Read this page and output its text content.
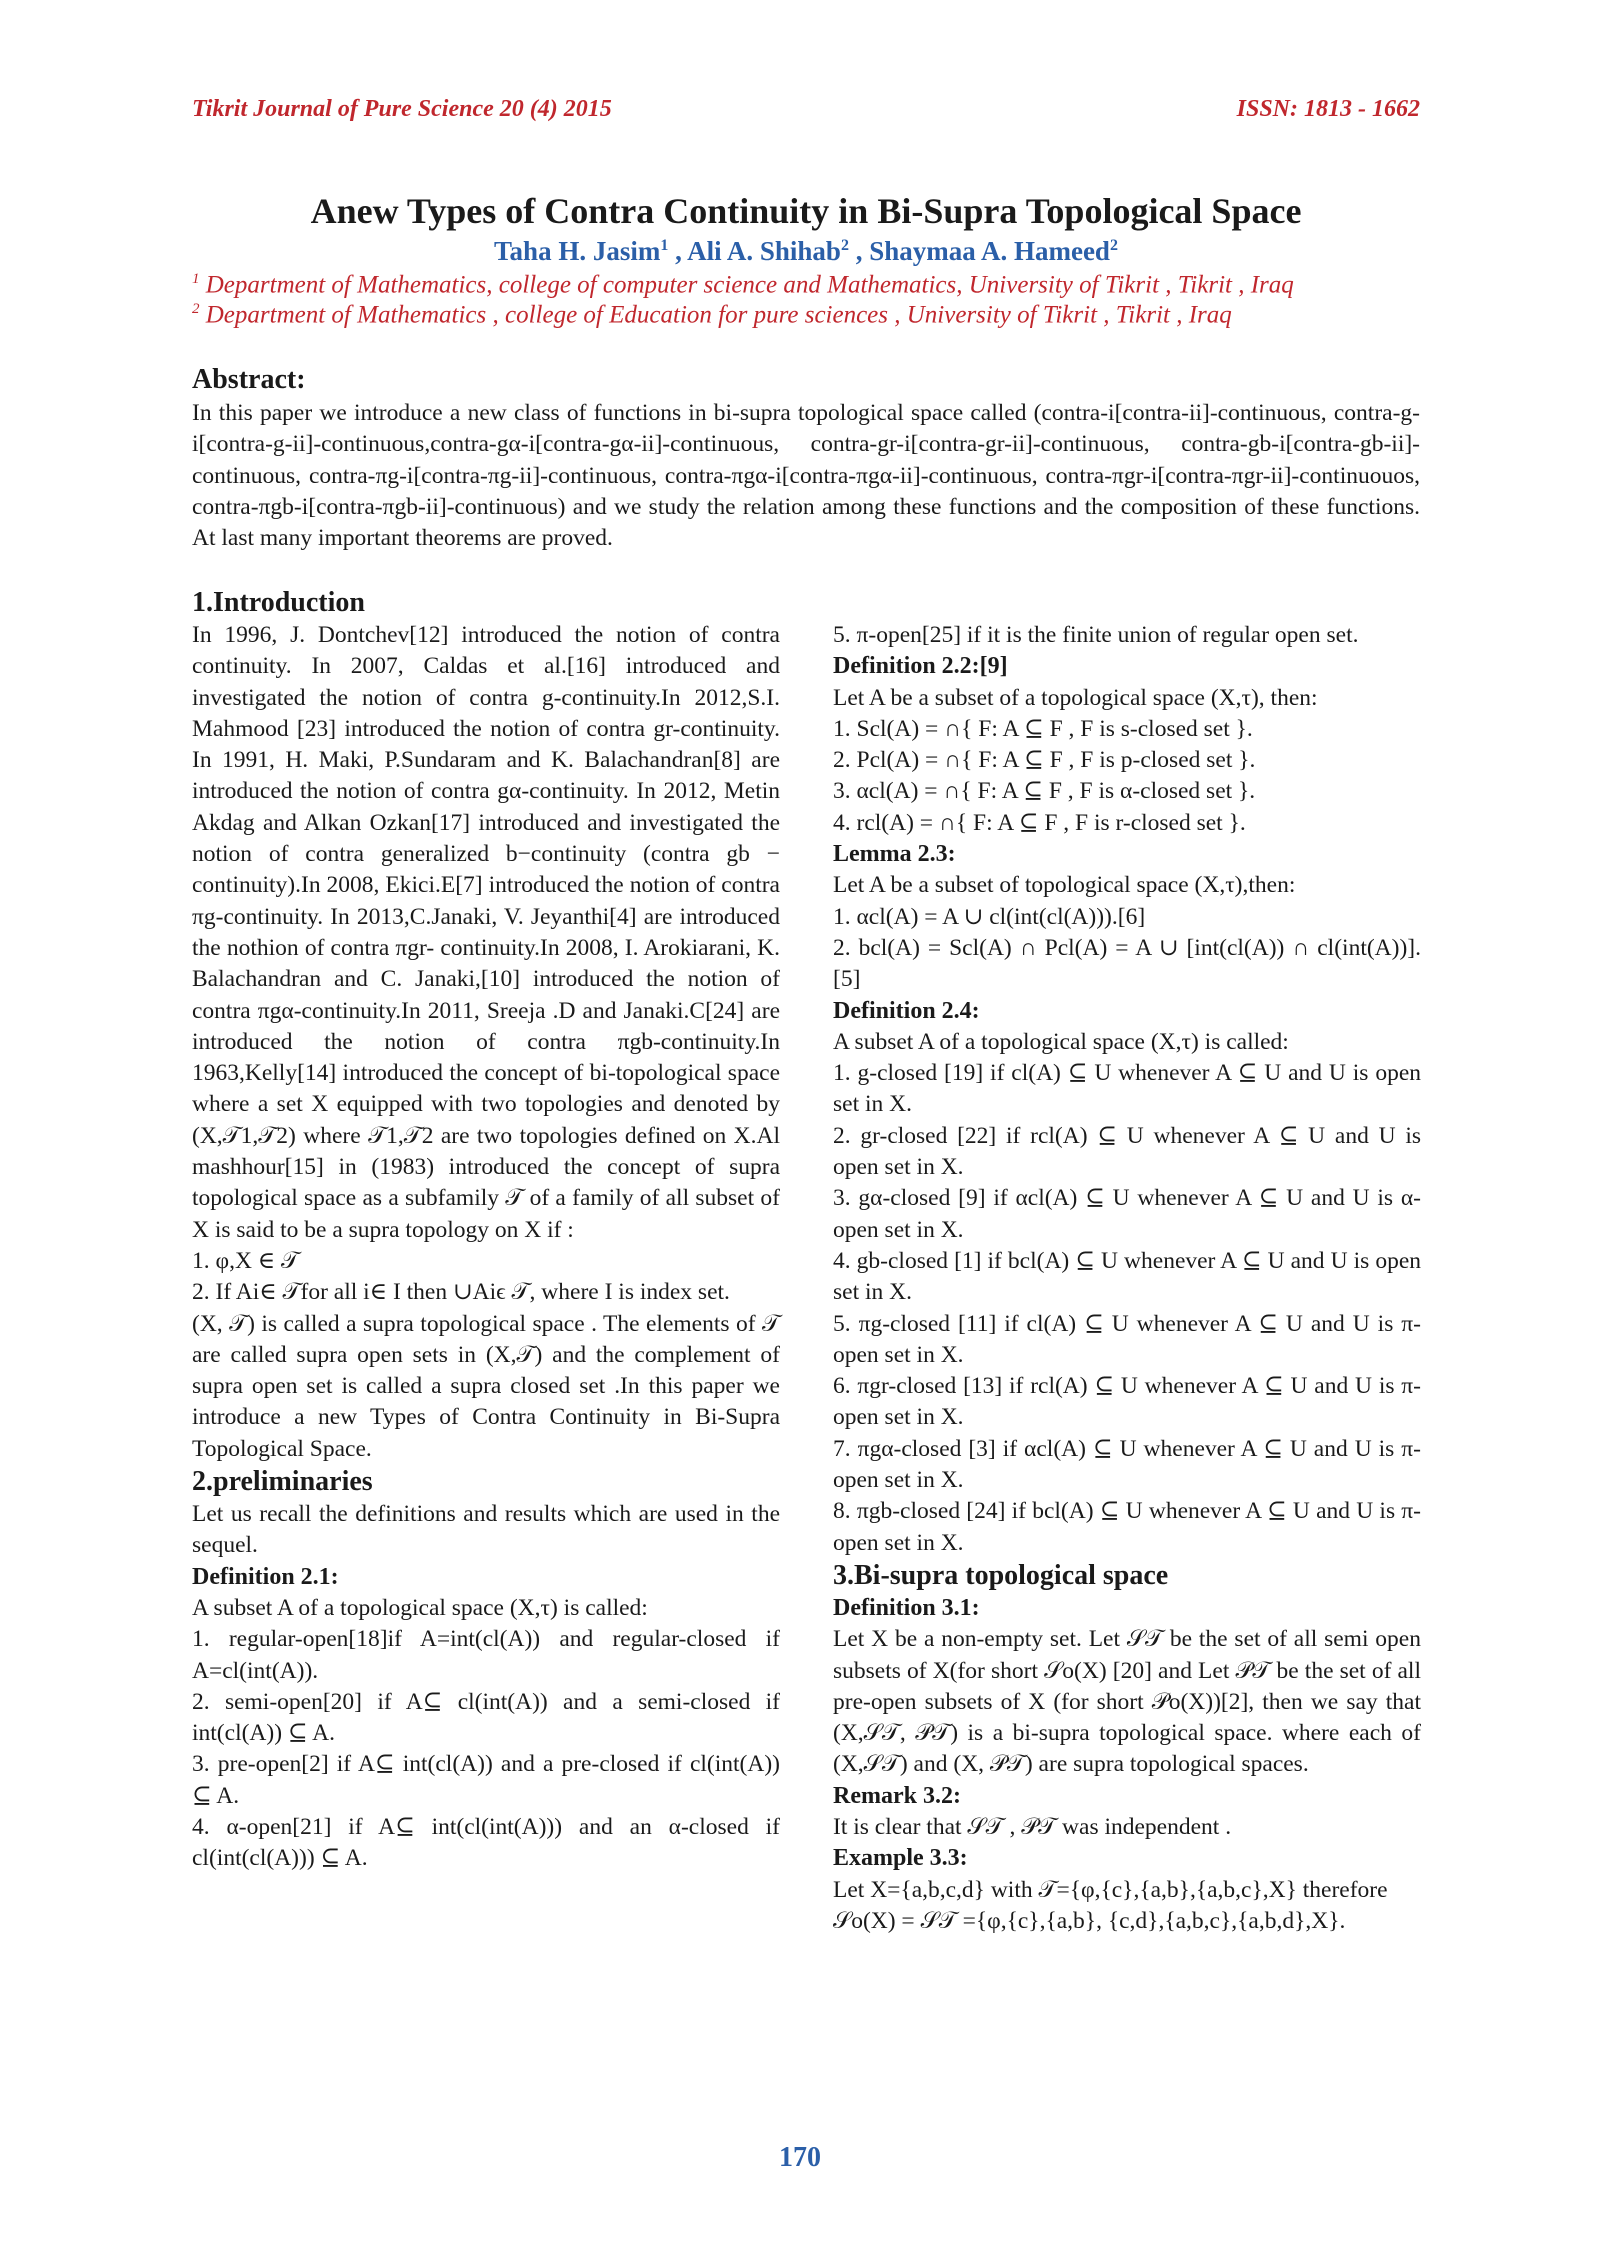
Tikrit Journal of Pure Science 20 (4) 2015	ISSN: 1813 - 1662
Anew Types of Contra Continuity in Bi-Supra Topological Space
Taha H. Jasim$^1$ , Ali A. Shihab$^2$ , Shaymaa A. Hameed$^2$
$^1$ Department of Mathematics, college of computer science and Mathematics, University of Tikrit , Tikrit , Iraq
$^2$ Department of Mathematics , college of Education for pure sciences , University of Tikrit , Tikrit , Iraq
Abstract:

In this paper we introduce a new class of functions in bi-supra topological space called (contra-i[contra-ii]-continuous, contra-g-i[contra-g-ii]-continuous,contra-gα-i[contra-gα-ii]-continuous, contra-gr-i[contra-gr-ii]-continuous, contra-gb-i[contra-gb-ii]-continuous, contra-πg-i[contra-πg-ii]-continuous, contra-πgα-i[contra-πgα-ii]-continuous, contra-πgr-i[contra-πgr-ii]-continuouos, contra-πgb-i[contra-πgb-ii]-continuous) and we study the relation among these functions and the composition of these functions. At last many important theorems are proved.

1.Introduction

In 1996, J. Dontchev[12] introduced the notion of contra continuity. In 2007, Caldas et al.[16] introduced and investigated the notion of contra g-continuity.In 2012,S.I. Mahmood [23] introduced the notion of contra gr-continuity. In 1991, H. Maki, P.Sundaram and K. Balachandran[8] are introduced the notion of contra gα-continuity. In 2012, Metin Akdag and Alkan Ozkan[17] introduced and investigated the notion of contra generalized b−continuity (contra gb − continuity).In 2008, Ekici.E[7] introduced the notion of contra πg-continuity. In 2013,C.Janaki, V. Jeyanthi[4] are introduced the nothion of contra πgr- continuity.In 2008, I. Arokiarani, K. Balachandran and C. Janaki,[10] introduced the notion of contra πgα-continuity.In 2011, Sreeja .D and Janaki.C[24] are introduced the notion of contra πgb-continuity.In 1963,Kelly[14] introduced the concept of bi-topological space where a set X equipped with two topologies and denoted by (X,𝒯1,𝒯2) where 𝒯1,𝒯2 are two topologies defined on X.Al mashhour[15] in (1983) introduced the concept of supra topological space as a subfamily 𝒯 of a family of all subset of X is said to be a supra topology on X if :

1. φ,X ∈ 𝒯

2. If Ai∈ 𝒯for all i∈ I then ∪Aiϵ 𝒯, where I is index set.

(X, 𝒯) is called a supra topological space . The elements of 𝒯 are called supra open sets in (X,𝒯) and the complement of supra open set is called a supra closed set .In this paper we introduce a new Types of Contra Continuity in Bi-Supra Topological Space.

2.preliminaries

Let us recall the definitions and results which are used in the sequel.

Definition 2.1:

A subset A of a topological space (X,τ) is called:

1. regular-open[18]if A=int(cl(A)) and regular-closed if A=cl(int(A)).

2. semi-open[20] if A⊆ cl(int(A)) and a semi-closed if int(cl(A)) ⊆ A.

3. pre-open[2] if A⊆ int(cl(A)) and a pre-closed if cl(int(A)) ⊆ A.

4. α-open[21] if A⊆ int(cl(int(A))) and an α-closed if cl(int(cl(A))) ⊆ A.

5. π-open[25] if it is the finite union of regular open set.

Definition 2.2:[9]

Let A be a subset of a topological space (X,τ), then:

1. Scl(A) = ∩{ F: A ⊆ F , F is s-closed set }.

2. Pcl(A) = ∩{ F: A ⊆ F , F is p-closed set }.

3. αcl(A) = ∩{ F: A ⊆ F , F is α-closed set }.

4. rcl(A) = ∩{ F: A ⊆ F , F is r-closed set }.

Lemma 2.3:

Let A be a subset of topological space (X,τ),then:

1. αcl(A) = A ∪ cl(int(cl(A))).[6]

2. bcl(A) = Scl(A) ∩ Pcl(A) = A ∪ [int(cl(A)) ∩ cl(int(A))].[5]

Definition 2.4:

A subset A of a topological space (X,τ) is called:

1. g-closed [19] if cl(A) ⊆ U whenever A ⊆ U and U is open set in X.

2. gr-closed [22] if rcl(A) ⊆ U whenever A ⊆ U and U is open set in X.

3. gα-closed [9] if αcl(A) ⊆ U whenever A ⊆ U and U is α-open set in X.

4. gb-closed [1] if bcl(A) ⊆ U whenever A ⊆ U and U is open set in X.

5. πg-closed [11] if cl(A) ⊆ U whenever A ⊆ U and U is π-open set in X.

6. πgr-closed [13] if rcl(A) ⊆ U whenever A ⊆ U and U is π-open set in X.

7. πgα-closed [3] if αcl(A) ⊆ U whenever A ⊆ U and U is π-open set in X.

8. πgb-closed [24] if bcl(A) ⊆ U whenever A ⊆ U and U is π-open set in X.

3.Bi-supra topological space
Definition 3.1:

Let X be a non-empty set. Let 𝒮𝒯 be the set of all semi open subsets of X(for short 𝒮o(X) [20] and Let 𝒫𝒯 be the set of all pre-open subsets of X (for short 𝒫o(X))[2], then we say that (X,𝒮𝒯, 𝒫𝒯) is a bi-supra topological space. where each of (X,𝒮𝒯) and (X, 𝒫𝒯) are supra topological spaces.

Remark 3.2:

It is clear that 𝒮𝒯 , 𝒫𝒯 was independent .

Example 3.3:

Let X={a,b,c,d} with 𝒯={φ,{c},{a,b},{a,b,c},X} therefore

𝒮o(X) = 𝒮𝒯 ={φ,{c},{a,b}, {c,d},{a,b,c},{a,b,d},X}.

170
